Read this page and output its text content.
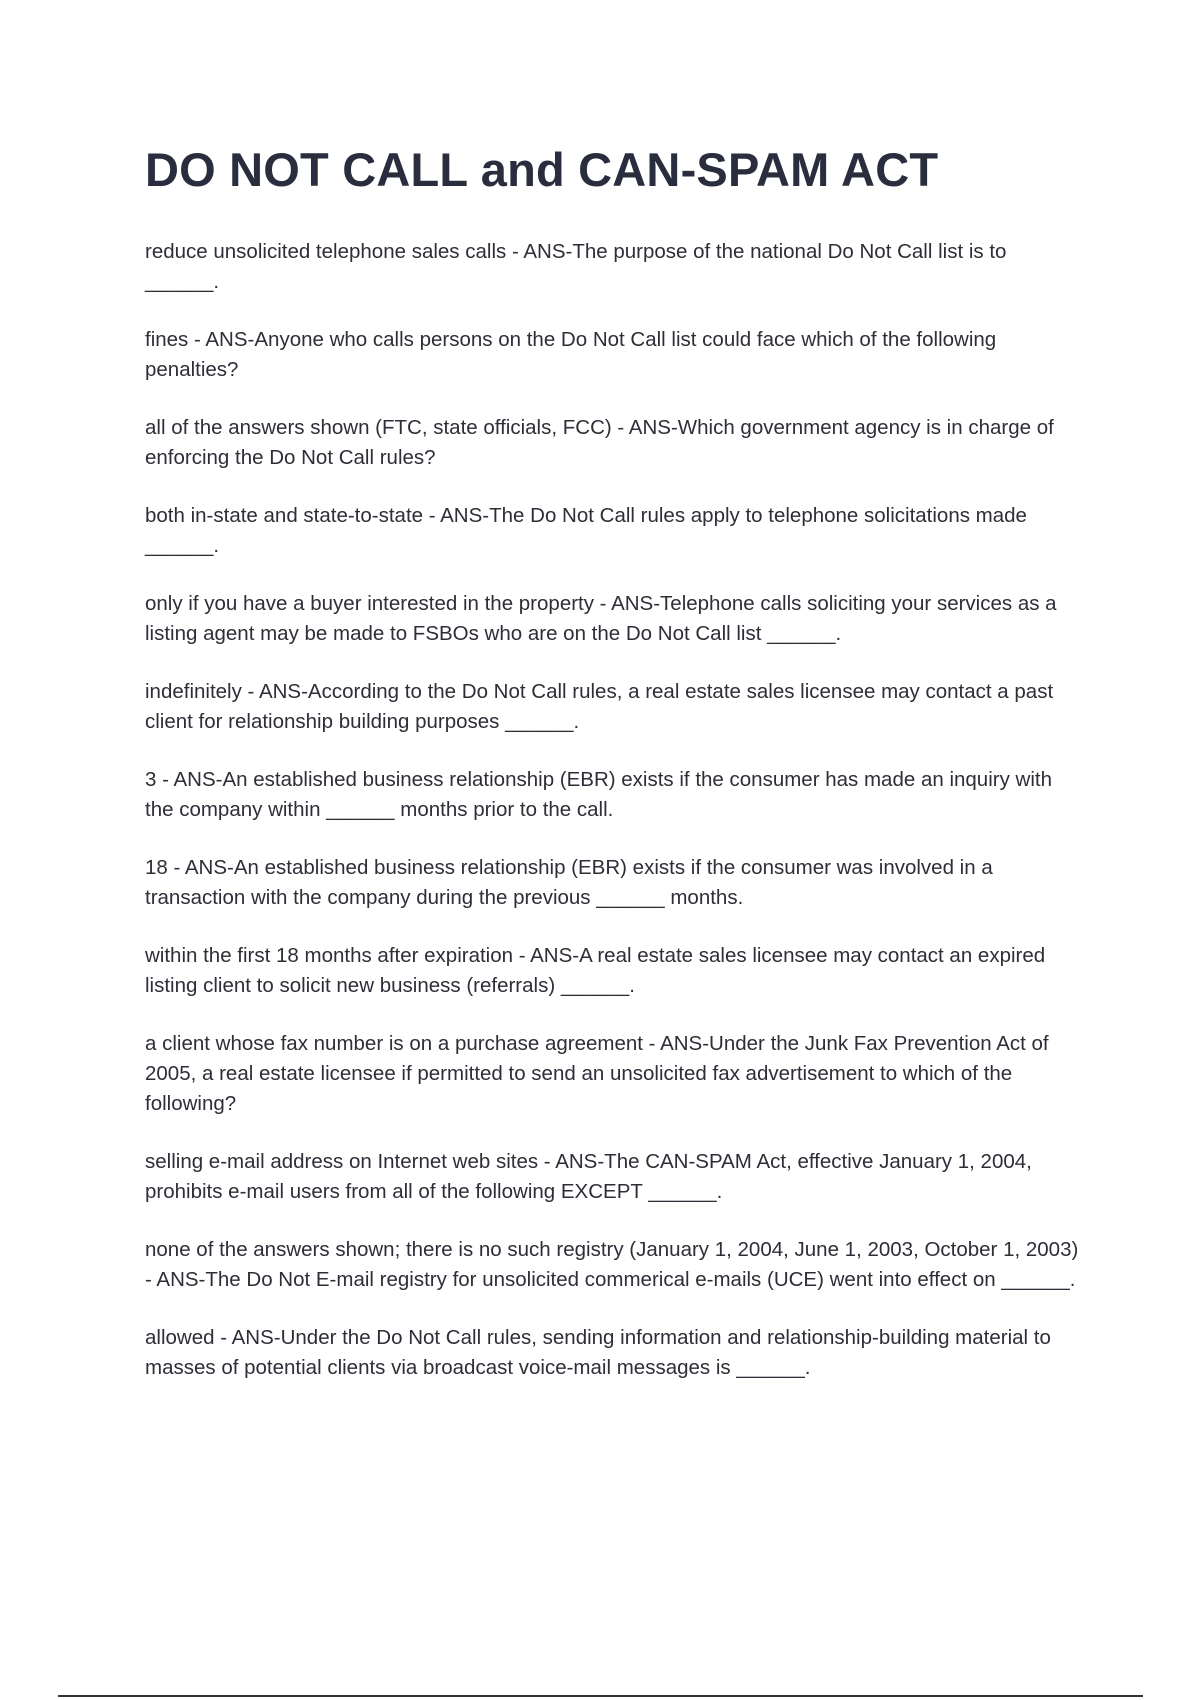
DO NOT CALL and CAN-SPAM ACT
reduce unsolicited telephone sales calls - ANS-The purpose of the national Do Not Call list is to ______.
fines - ANS-Anyone who calls persons on the Do Not Call list could face which of the following penalties?
all of the answers shown (FTC, state officials, FCC) - ANS-Which government agency is in charge of enforcing the Do Not Call rules?
both in-state and state-to-state - ANS-The Do Not Call rules apply to telephone solicitations made ______.
only if you have a buyer interested in the property - ANS-Telephone calls soliciting your services as a listing agent may be made to FSBOs who are on the Do Not Call list ______.
indefinitely - ANS-According to the Do Not Call rules, a real estate sales licensee may contact a past client for relationship building purposes ______.
3 - ANS-An established business relationship (EBR) exists if the consumer has made an inquiry with the company within ______ months prior to the call.
18 - ANS-An established business relationship (EBR) exists if the consumer was involved in a transaction with the company during the previous ______ months.
within the first 18 months after expiration - ANS-A real estate sales licensee may contact an expired listing client to solicit new business (referrals) ______.
a client whose fax number is on a purchase agreement - ANS-Under the Junk Fax Prevention Act of 2005, a real estate licensee if permitted to send an unsolicited fax advertisement to which of the following?
selling e-mail address on Internet web sites - ANS-The CAN-SPAM Act, effective January 1, 2004, prohibits e-mail users from all of the following EXCEPT ______.
none of the answers shown; there is no such registry (January 1, 2004, June 1, 2003, October 1, 2003) - ANS-The Do Not E-mail registry for unsolicited commerical e-mails (UCE) went into effect on ______.
allowed - ANS-Under the Do Not Call rules, sending information and relationship-building material to masses of potential clients via broadcast voice-mail messages is ______.
